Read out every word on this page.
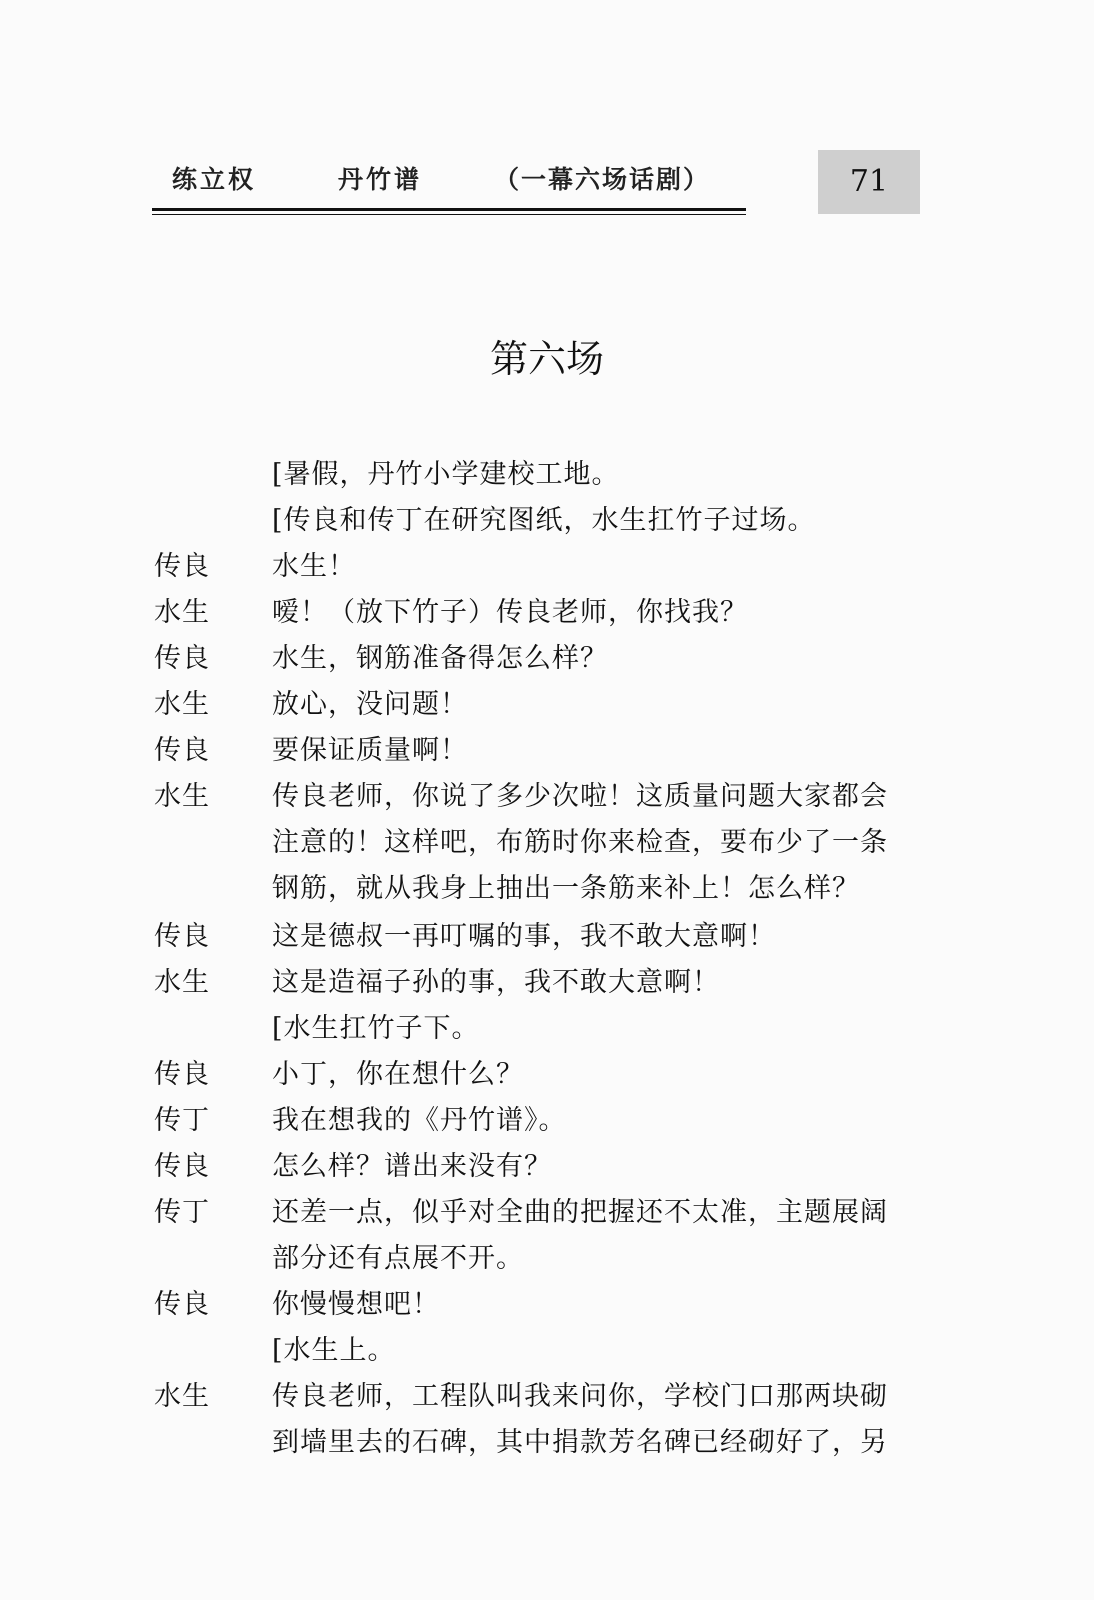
练立权	丹竹谱	（一幕六场话剧）	71
第六场
[暑假，丹竹小学建校工地。
[传良和传丁在研究图纸，水生扛竹子过场。
传良	水生！
水生	嗳！（放下竹子）传良老师，你找我？
传良	水生，钢筋准备得怎么样？
水生	放心，没问题！
传良	要保证质量啊！
水生	传良老师，你说了多少次啦！这质量问题大家都会
注意的！这样吧，布筋时你来检查，要布少了一条
钢筋，就从我身上抽出一条筋来补上！怎么样？
传良	这是德叔一再叮嘱的事，我不敢大意啊！
水生	这是造福子孙的事，我不敢大意啊！
[水生扛竹子下。
传良	小丁，你在想什么？
传丁	我在想我的《丹竹谱》。
传良	怎么样？谱出来没有？
传丁	还差一点，似乎对全曲的把握还不太准，主题展阔
部分还有点展不开。
传良	你慢慢想吧！
[水生上。
水生	传良老师，工程队叫我来问你，学校门口那两块砌
到墙里去的石碑，其中捐款芳名碑已经砌好了，另
